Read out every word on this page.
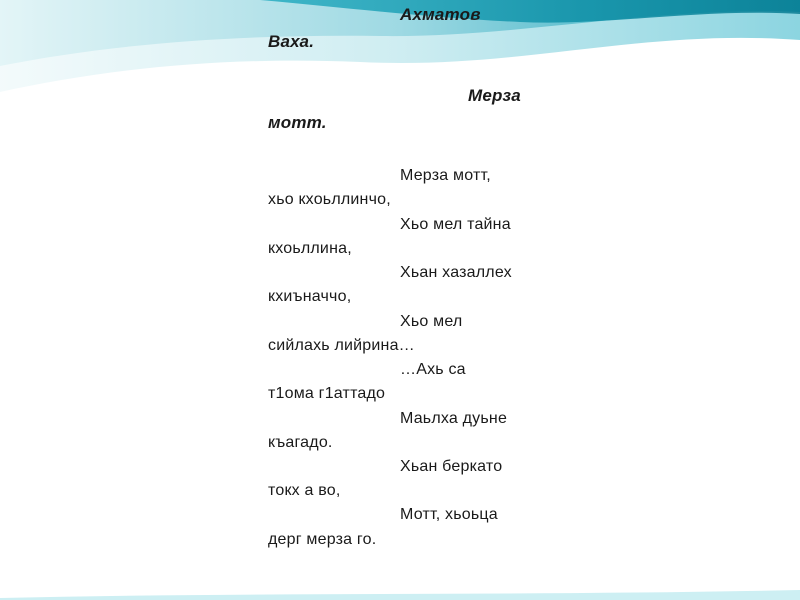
Ахматов
Ваха.
Мерза
мотт.
Мерза мотт,
хьо кхоьллинчо,
Хьо мел тайна
кхоьллина,
Хьан хазаллех
кхиъначчо,
Хьо мел
сийлахь лийрина…
…Ахь са
т1ома г1аттадо
Маьлха дуьне
къагадо.
Хьан беркато
токх а во,
Мотт, хьоьца
дерг мерза го.
